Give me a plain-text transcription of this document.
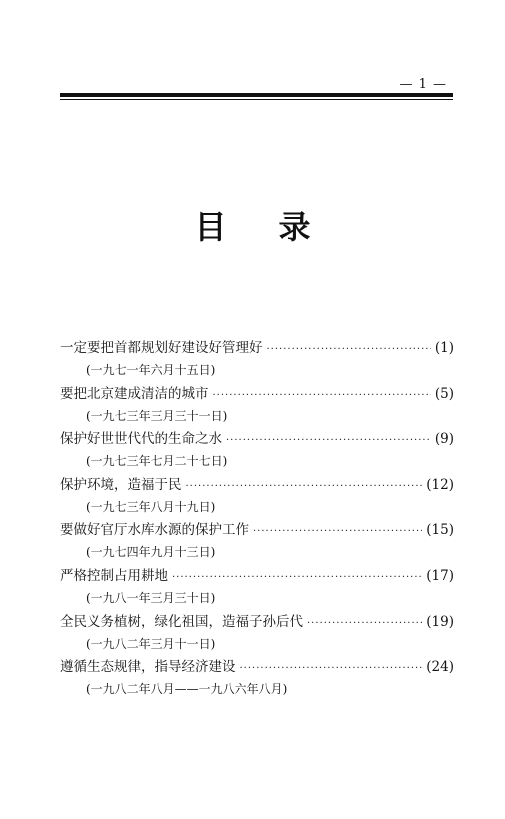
— 1 —
目 录
一定要把首都规划好建设好管理好 ·····	(1)
(一九七一年六月十五日)
要把北京建成清洁的城市 ·····	(5)
(一九七三年三月三十一日)
保护好世世代代的生命之水 ·····	(9)
(一九七三年七月二十七日)
保护环境，造福于民 ·····	(12)
(一九七三年八月十九日)
要做好官厅水库水源的保护工作 ·····	(15)
(一九七四年九月十三日)
严格控制占用耕地 ·····	(17)
(一九八一年三月三十日)
全民义务植树，绿化祖国，造福子孙后代 ·····	(19)
(一九八二年三月十一日)
遵循生态规律，指导经济建设 ·····	(24)
(一九八二年八月——一九八六年八月)
